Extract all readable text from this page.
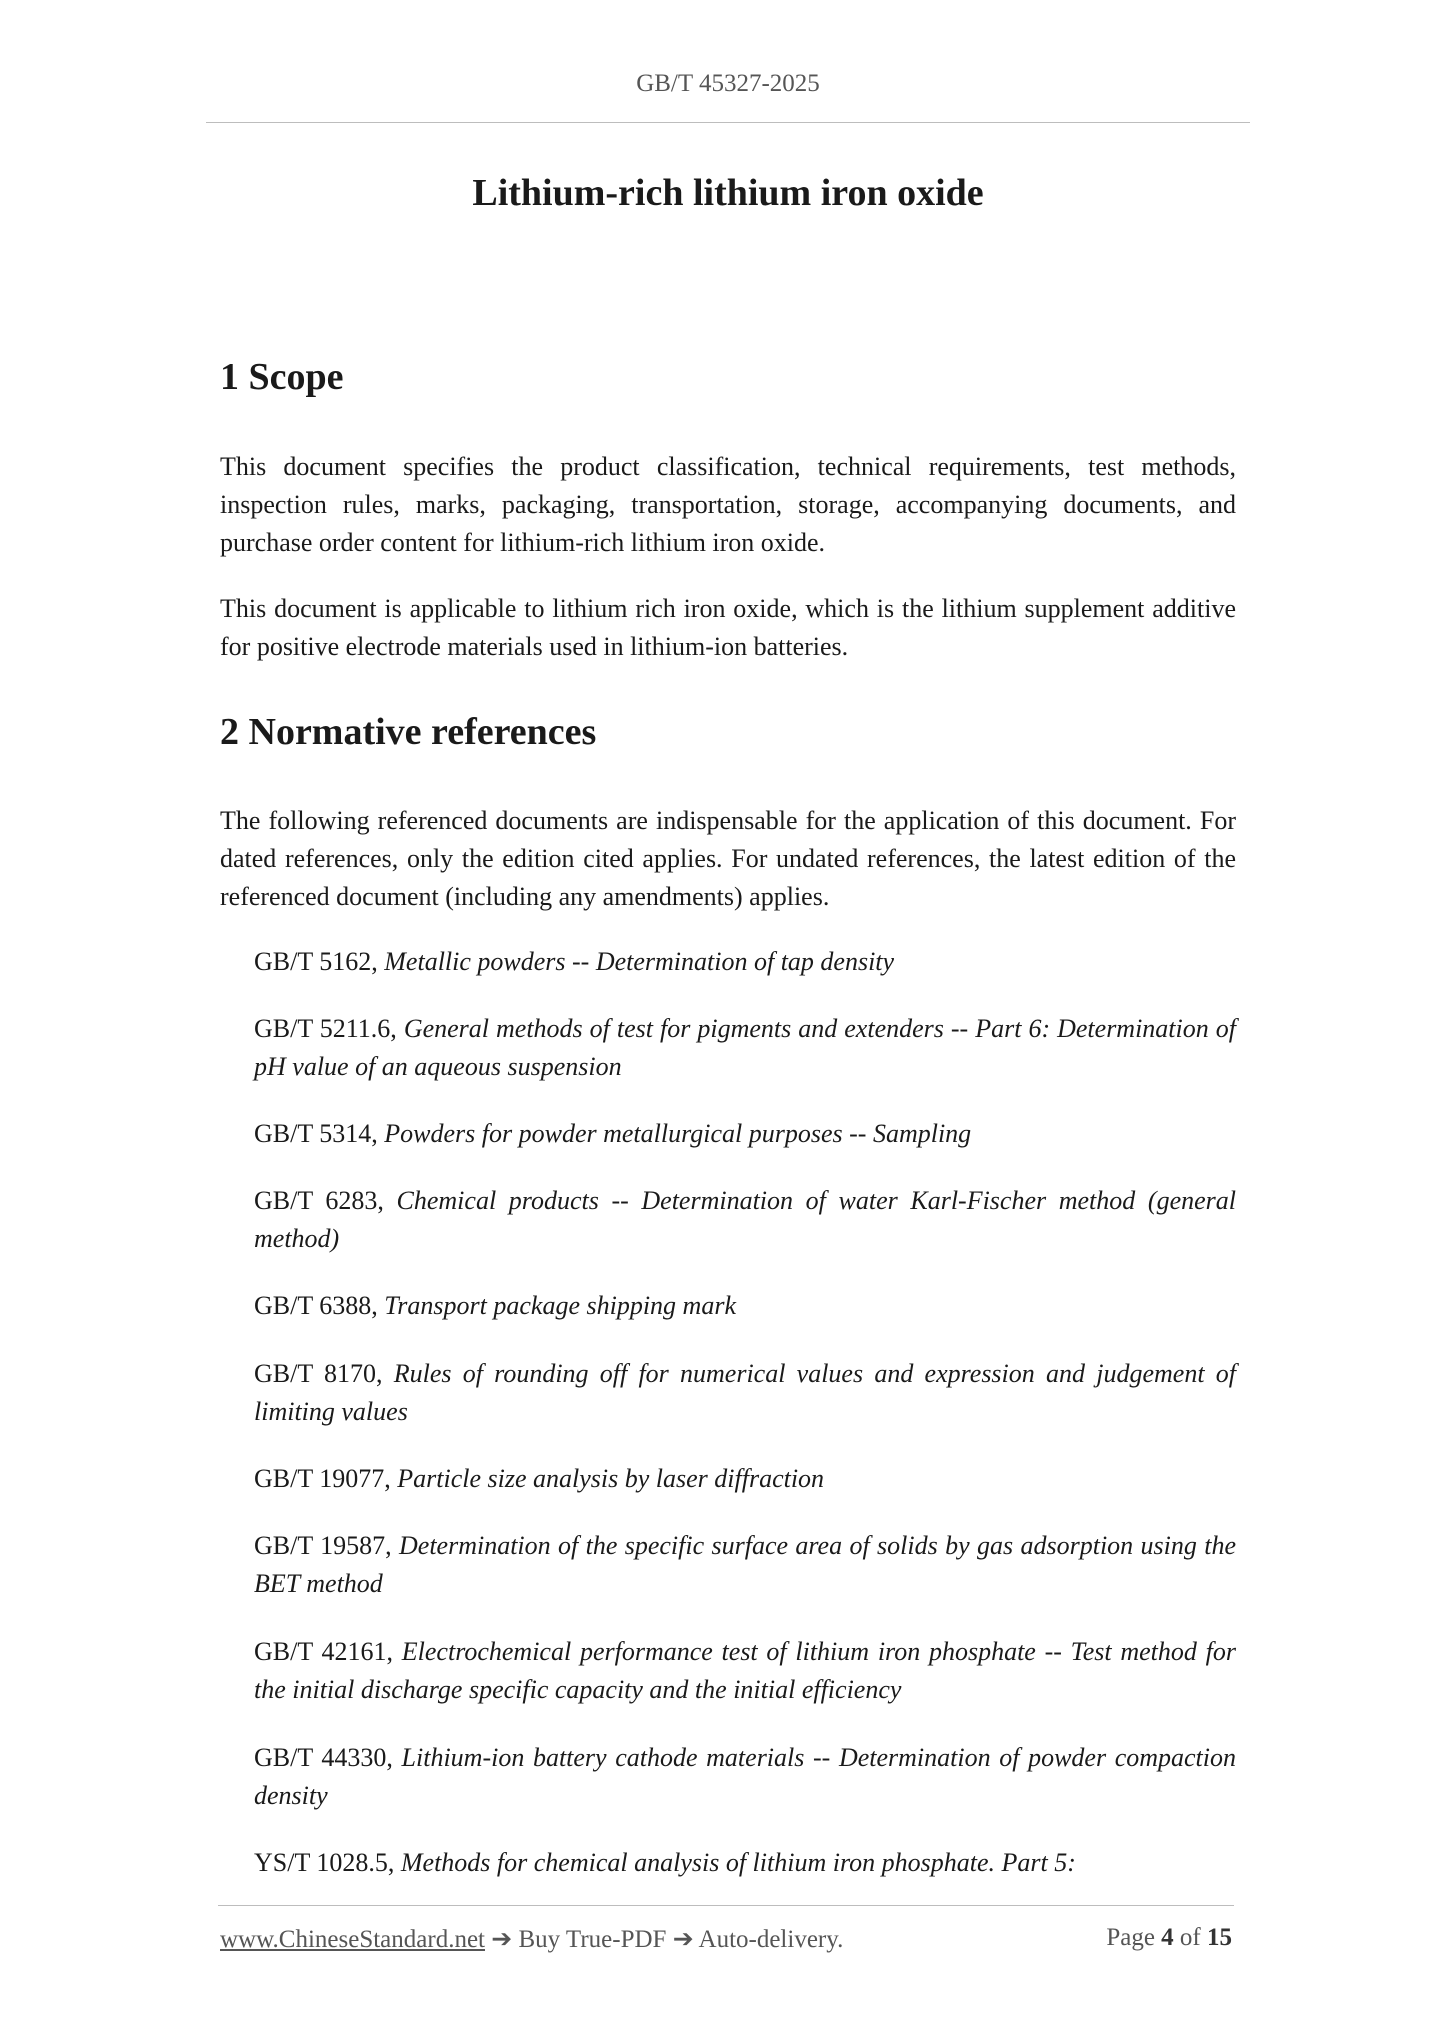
GB/T 45327-2025
Lithium-rich lithium iron oxide
1 Scope

This document specifies the product classification, technical requirements, test methods, inspection rules, marks, packaging, transportation, storage, accompanying documents, and purchase order content for lithium-rich lithium iron oxide.

This document is applicable to lithium rich iron oxide, which is the lithium supplement additive for positive electrode materials used in lithium-ion batteries.

2 Normative references

The following referenced documents are indispensable for the application of this document. For dated references, only the edition cited applies. For undated references, the latest edition of the referenced document (including any amendments) applies.

GB/T 5162, Metallic powders -- Determination of tap density

GB/T 5211.6, General methods of test for pigments and extenders -- Part 6: Determination of pH value of an aqueous suspension

GB/T 5314, Powders for powder metallurgical purposes -- Sampling

GB/T 6283, Chemical products -- Determination of water Karl-Fischer method (general method)

GB/T 6388, Transport package shipping mark

GB/T 8170, Rules of rounding off for numerical values and expression and judgement of limiting values

GB/T 19077, Particle size analysis by laser diffraction

GB/T 19587, Determination of the specific surface area of solids by gas adsorption using the BET method

GB/T 42161, Electrochemical performance test of lithium iron phosphate -- Test method for the initial discharge specific capacity and the initial efficiency

GB/T 44330, Lithium-ion battery cathode materials -- Determination of powder compaction density

YS/T 1028.5, Methods for chemical analysis of lithium iron phosphate. Part 5:

www.ChineseStandard.net ➔ Buy True-PDF ➔ Auto-delivery.	Page 4 of 15
